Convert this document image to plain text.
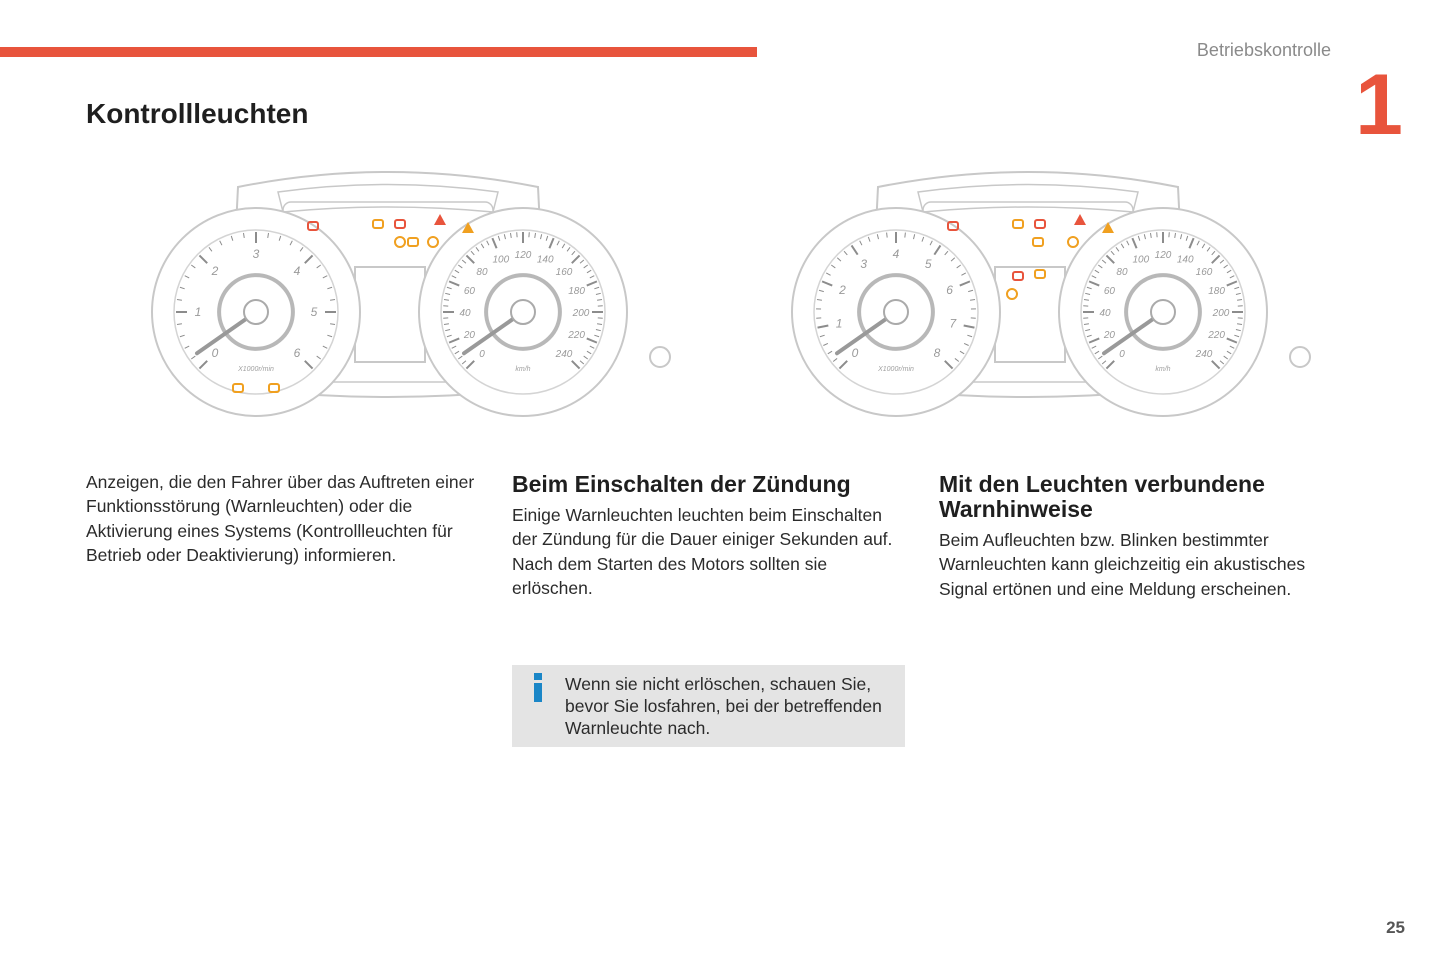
Betriebskontrolle
1
Kontrollleuchten
0
1
2
3
4
5
6
X1000r/min
0
20
40
60
80
100 120 140
160
180
200
220
240
km/h
0
1
2
3
4
5
6
7
8
X1000r/min
0
20
40
60
80
100 120 140
160
180
200
220
240
km/h

Anzeigen, die den Fahrer über das Auftreten einer Funktionsstörung (Warnleuchten) oder die Aktivierung eines Systems (Kontrollleuchten für Betrieb oder Deaktivierung) informieren.

Beim Einschalten der Zündung

Einige Warnleuchten leuchten beim Einschalten der Zündung für die Dauer einiger Sekunden auf.

Nach dem Starten des Motors sollten sie erlöschen.

Mit den Leuchten verbundene Warnhinweise

Beim Aufleuchten bzw. Blinken bestimmter Warnleuchten kann gleichzeitig ein akustisches Signal ertönen und eine Meldung erscheinen.

Wenn sie nicht erlöschen, schauen Sie, bevor Sie losfahren, bei der betreffenden Warnleuchte nach.
25
